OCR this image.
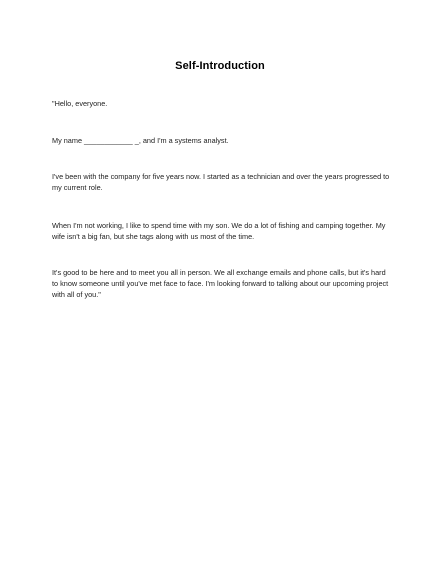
Self-Introduction

"Hello, everyone.

My name ____________ _, and I'm a systems analyst.

I've been with the company for five years now. I started as a technician and over the years progressed to my current role.

When I'm not working, I like to spend time with my son. We do a lot of fishing and camping together. My wife isn't a big fan, but she tags along with us most of the time.

It's good to be here and to meet you all in person. We all exchange emails and phone calls, but it's hard to know someone until you've met face to face. I'm looking forward to talking about our upcoming project with all of you."
